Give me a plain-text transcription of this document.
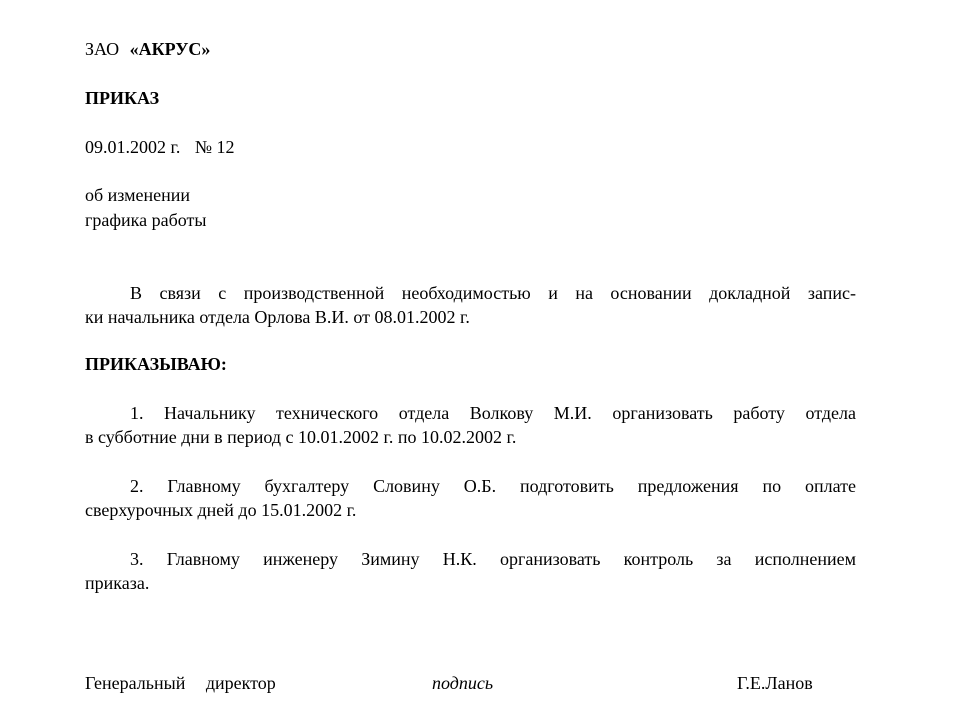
ЗАО «АКРУС»
ПРИКАЗ
09.01.2002 г. № 12
об изменении
графика работы
В связи с производственной необходимостью и на основании докладной запис-
ки начальника отдела Орлова В.И. от 08.01.2002 г.
ПРИКАЗЫВАЮ:
1. Начальнику технического отдела Волкову М.И. организовать работу отдела
в субботние дни в период с 10.01.2002 г. по 10.02.2002 г.
2. Главному бухгалтеру Словину О.Б. подготовить предложения по оплате
сверхурочных дней до 15.01.2002 г.
3. Главному инженеру Зимину Н.К. организовать контроль за исполнением
приказа.
Генеральный директор	подпись	Г.Е.Ланов
